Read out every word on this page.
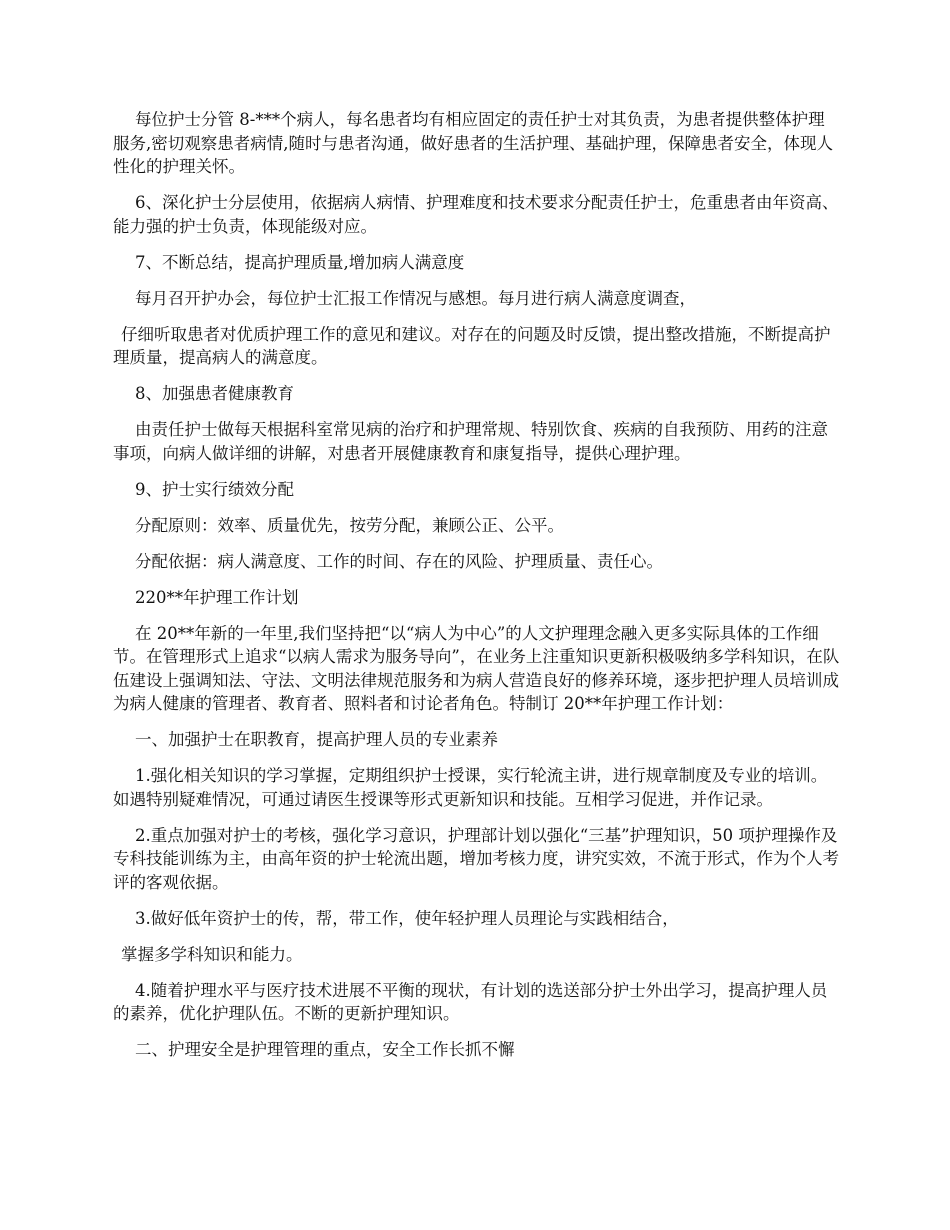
每位护士分管 8-***个病人，每名患者均有相应固定的责任护士对其负责，为患者提供整体护理服务,密切观察患者病情,随时与患者沟通，做好患者的生活护理、基础护理，保障患者安全，体现人性化的护理关怀。

6、深化护士分层使用，依据病人病情、护理难度和技术要求分配责任护士，危重患者由年资高、能力强的护士负责，体现能级对应。

7、不断总结，提高护理质量,增加病人满意度

每月召开护办会，每位护士汇报工作情况与感想。每月进行病人满意度调查，

仔细听取患者对优质护理工作的意见和建议。对存在的问题及时反馈，提出整改措施，不断提高护理质量，提高病人的满意度。

8、加强患者健康教育

由责任护士做每天根据科室常见病的治疗和护理常规、特别饮食、疾病的自我预防、用药的注意事项，向病人做详细的讲解，对患者开展健康教育和康复指导，提供心理护理。

9、护士实行绩效分配

分配原则：效率、质量优先，按劳分配，兼顾公正、公平。

分配依据：病人满意度、工作的时间、存在的风险、护理质量、责任心。

220**年护理工作计划

在 20**年新的一年里,我们坚持把“以“病人为中心”的人文护理理念融入更多实际具体的工作细节。在管理形式上追求“以病人需求为服务导向”，在业务上注重知识更新积极吸纳多学科知识，在队伍建设上强调知法、守法、文明法律规范服务和为病人营造良好的修养环境，逐步把护理人员培训成为病人健康的管理者、教育者、照料者和讨论者角色。特制订 20**年护理工作计划：

一、加强护士在职教育，提高护理人员的专业素养

1.强化相关知识的学习掌握，定期组织护士授课，实行轮流主讲，进行规章制度及专业的培训。如遇特别疑难情况，可通过请医生授课等形式更新知识和技能。互相学习促进，并作记录。

2.重点加强对护士的考核，强化学习意识，护理部计划以强化“三基”护理知识，50 项护理操作及专科技能训练为主，由高年资的护士轮流出题，增加考核力度，讲究实效，不流于形式，作为个人考评的客观依据。

3.做好低年资护士的传，帮，带工作，使年轻护理人员理论与实践相结合，

掌握多学科知识和能力。

4.随着护理水平与医疗技术进展不平衡的现状，有计划的选送部分护士外出学习，提高护理人员的素养，优化护理队伍。不断的更新护理知识。

二、护理安全是护理管理的重点，安全工作长抓不懈
